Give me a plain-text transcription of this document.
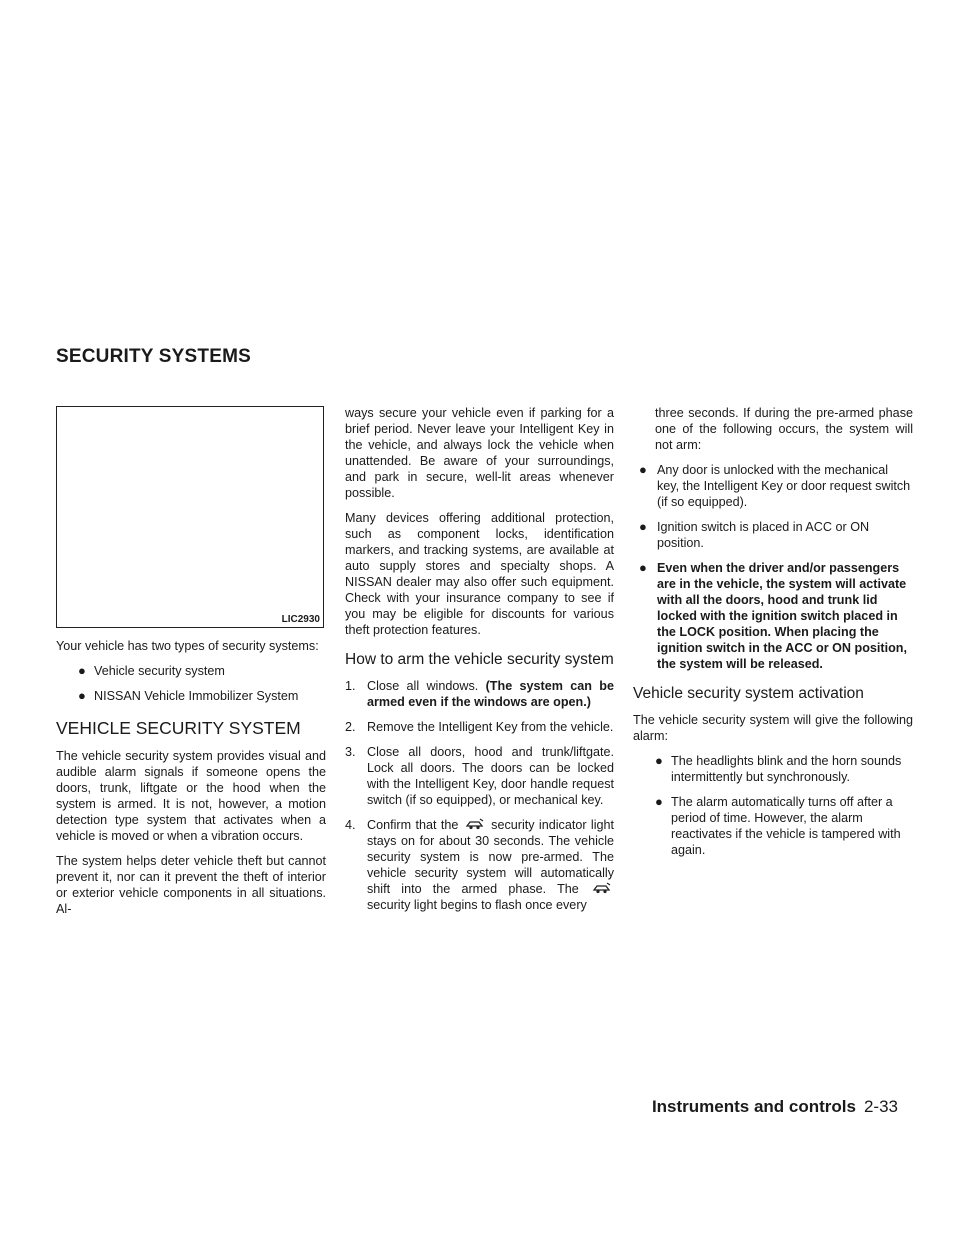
SECURITY SYSTEMS
LIC2930

Your vehicle has two types of security systems:

● Vehicle security system
● NISSAN Vehicle Immobilizer System
VEHICLE SECURITY SYSTEM

The vehicle security system provides visual and audible alarm signals if someone opens the doors, trunk, liftgate or the hood when the system is armed. It is not, however, a motion detection type system that activates when a vehicle is moved or when a vibration occurs.

The system helps deter vehicle theft but cannot prevent it, nor can it prevent the theft of interior or exterior vehicle components in all situations. Al-

ways secure your vehicle even if parking for a brief period. Never leave your Intelligent Key in the vehicle, and always lock the vehicle when unattended. Be aware of your surroundings, and park in secure, well-lit areas whenever possible.

Many devices offering additional protection, such as component locks, identification markers, and tracking systems, are available at auto supply stores and specialty shops. A NISSAN dealer may also offer such equipment. Check with your insurance company to see if you may be eligible for discounts for various theft protection features.

How to arm the vehicle security system
1. Close all windows. (The system can be armed even if the windows are open.)
2. Remove the Intelligent Key from the vehicle.
3. Close all doors, hood and trunk/liftgate. Lock all doors. The doors can be locked with the Intelligent Key, door handle request switch (if so equipped), or mechanical key.
4. Confirm that the	security indicator light stays on for about 30 seconds. The vehicle security system is now pre-armed. The vehicle security system will automatically shift into the armed phase. The  security light begins to flash once every

three seconds. If during the pre-armed phase one of the following occurs, the system will not arm:

● Any door is unlocked with the mechanical key, the Intelligent Key or door request switch (if so equipped).
● Ignition switch is placed in ACC or ON position.
● Even when the driver and/or passengers are in the vehicle, the system will activate with all the doors, hood and trunk lid locked with the ignition switch placed in the LOCK position. When placing the ignition switch in the ACC or ON position, the system will be released.
Vehicle security system activation

The vehicle security system will give the following alarm:

● The headlights blink and the horn sounds intermittently but synchronously.
● The alarm automatically turns off after a period of time. However, the alarm reactivates if the vehicle is tampered with again.
Instruments and controls 2-33
